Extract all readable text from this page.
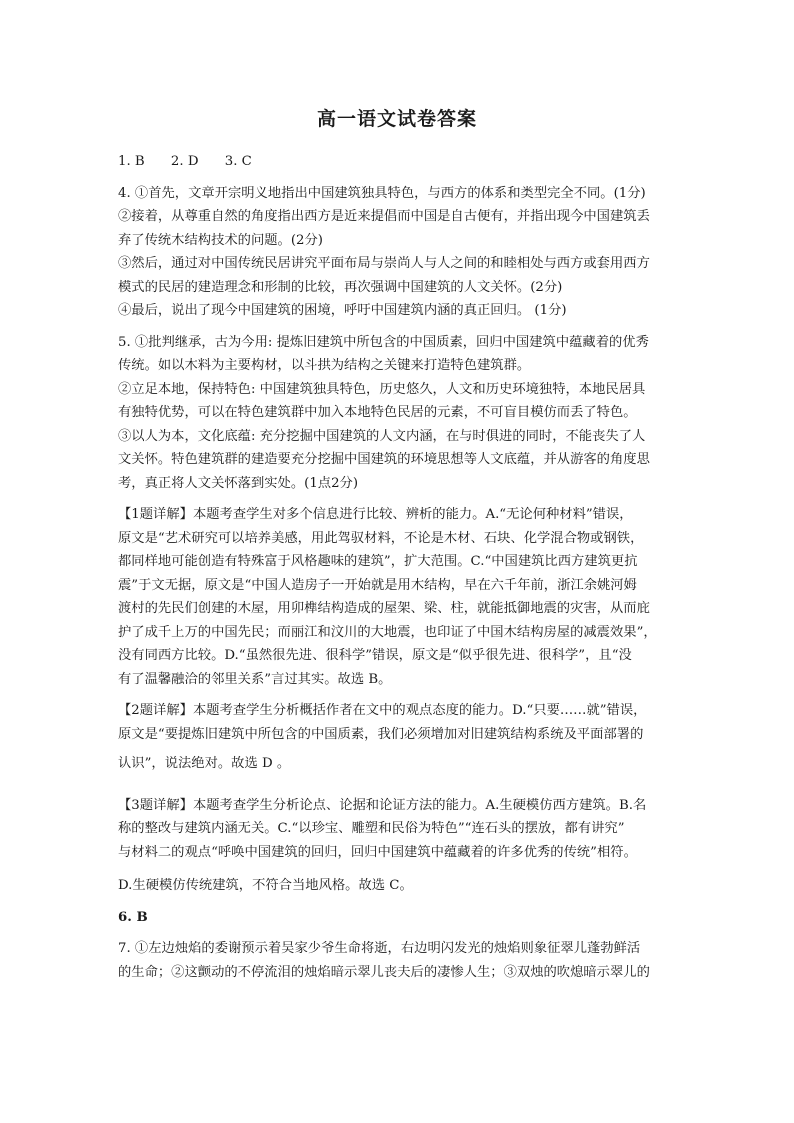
高一语文试卷答案
1. B 2. D 3. C
4. ①首先，文章开宗明义地指出中国建筑独具特色，与西方的体系和类型完全不同。(1分)
②接着，从尊重自然的角度指出西方是近来提倡而中国是自古便有，并指出现今中国建筑丢
弃了传统木结构技术的问题。(2分)
③然后，通过对中国传统民居讲究平面布局与崇尚人与人之间的和睦相处与西方或套用西方
模式的民居的建造理念和形制的比较，再次强调中国建筑的人文关怀。(2分)
④最后，说出了现今中国建筑的困境，呼吁中国建筑内涵的真正回归。 (1分)
5. ①批判继承，古为今用: 提炼旧建筑中所包含的中国质素，回归中国建筑中蕴藏着的优秀
传统。如以木料为主要构材，以斗拱为结构之关键来打造特色建筑群。
②立足本地，保持特色: 中国建筑独具特色，历史悠久，人文和历史环境独特，本地民居具
有独特优势，可以在特色建筑群中加入本地特色民居的元素，不可盲目模仿而丢了特色。
③以人为本，文化底蕴: 充分挖掘中国建筑的人文内涵，在与时俱进的同时，不能丧失了人
文关怀。特色建筑群的建造要充分挖掘中国建筑的环境思想等人文底蕴，并从游客的角度思
考，真正将人文关怀落到实处。(1点2分)
【1题详解】本题考查学生对多个信息进行比较、辨析的能力。A.“无论何种材料”错误，
原文是“艺术研究可以培养美感，用此驾驭材料，不论是木材、石块、化学混合物或钢铁，
都同样地可能创造有特殊富于风格趣味的建筑”，扩大范围。C.“中国建筑比西方建筑更抗
震”于文无据，原文是“中国人造房子一开始就是用木结构，早在六千年前，浙江余姚河姆
渡村的先民们创建的木屋，用卯榫结构造成的屋架、梁、柱，就能抵御地震的灾害，从而庇
护了成千上万的中国先民；而丽江和汶川的大地震，也印证了中国木结构房屋的减震效果”，
没有同西方比较。D.“虽然很先进、很科学”错误，原文是“似乎很先进、很科学”，且“没
有了温馨融洽的邻里关系”言过其实。故选 B。
【2题详解】本题考查学生分析概括作者在文中的观点态度的能力。D.“只要……就”错误，
原文是“要提炼旧建筑中所包含的中国质素，我们必须增加对旧建筑结构系统及平面部署的
认识”，说法绝对。故选 D 。
【3题详解】本题考查学生分析论点、论据和论证方法的能力。A.生硬模仿西方建筑。B.名
称的整改与建筑内涵无关。C.“以珍宝、雕塑和民俗为特色”“连石头的摆放，都有讲究”
与材料二的观点“呼唤中国建筑的回归，回归中国建筑中蕴藏着的许多优秀的传统”相符。
D.生硬模仿传统建筑，不符合当地风格。故选 C。
6. B
7. ①左边烛焰的委谢预示着吴家少爷生命将逝，右边明闪发光的烛焰则象征翠儿蓬勃鲜活
的生命；②这颤动的不停流泪的烛焰暗示翠儿丧夫后的凄惨人生；③双烛的吹熄暗示翠儿的
